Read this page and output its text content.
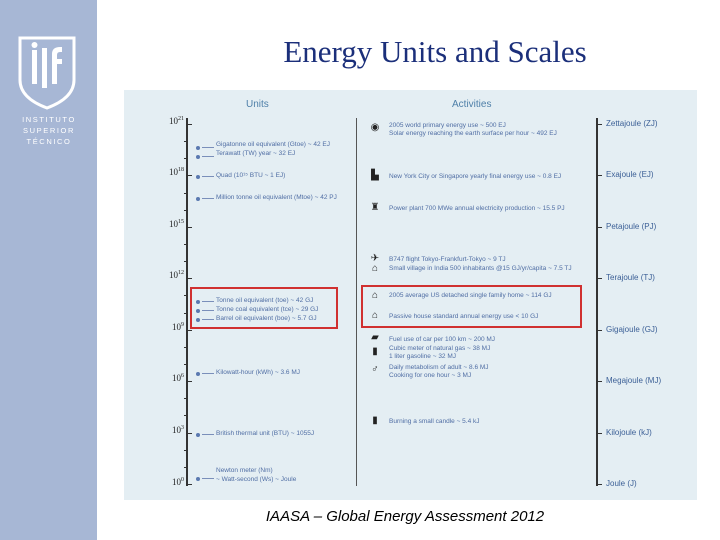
INSTITUTO
SUPERIOR
TÉCNICO
Energy Units and Scales
Units	Activities
$10^{21}$
$10^{18}$
$10^{15}$
$10^{12}$
$10^9$
$10^6$
$10^3$
$10^0$
Gigatonne oil equivalent (Gtoe) ~ 42 EJ
Terawatt (TW) year ~ 32 EJ
Quad (10¹⁵ BTU ~ 1 EJ)
Million tonne oil equivalent (Mtoe) ~ 42 PJ
Tonne oil equivalent (toe) ~ 42 GJ
Tonne coal equivalent (tce) ~ 29 GJ
Barrel oil equivalent (boe) ~ 5.7 GJ
Kilowatt-hour (kWh) ~ 3.6 MJ
British thermal unit (BTU) ~ 1055J
Newton meter (Nm)
~ Watt-second (Ws) ~ Joule
◉	2005 world primary energy use ~ 500 EJ
Solar energy reaching the earth surface per hour ~ 492 EJ
▙	New York City or Singapore yearly final energy use ~ 0.8 EJ
♜	Power plant 700 MWe annual electricity production ~ 15.5 PJ
✈	B747 flight Tokyo-Frankfurt-Tokyo ~ 9 TJ
⌂	Small village in India 500 inhabitants @15 GJ/yr/capita ~ 7.5 TJ
⌂	2005 average US detached single family home ~ 114 GJ
⌂	Passive house standard annual energy use < 10 GJ
▰	Fuel use of car per 100 km ~ 200 MJ
▮	Cubic meter of natural gas ~ 38 MJ
1 liter gasoline ~ 32 MJ
♂	Daily metabolism of adult ~ 8.6 MJ
Cooking for one hour ~ 3 MJ
▮	Burning a small candle ~ 5.4 kJ
Zettajoule (ZJ)
Exajoule (EJ)
Petajoule (PJ)
Terajoule (TJ)
Gigajoule (GJ)
Megajoule (MJ)
Kilojoule (kJ)
Joule (J)
IAASA – Global Energy Assessment 2012
